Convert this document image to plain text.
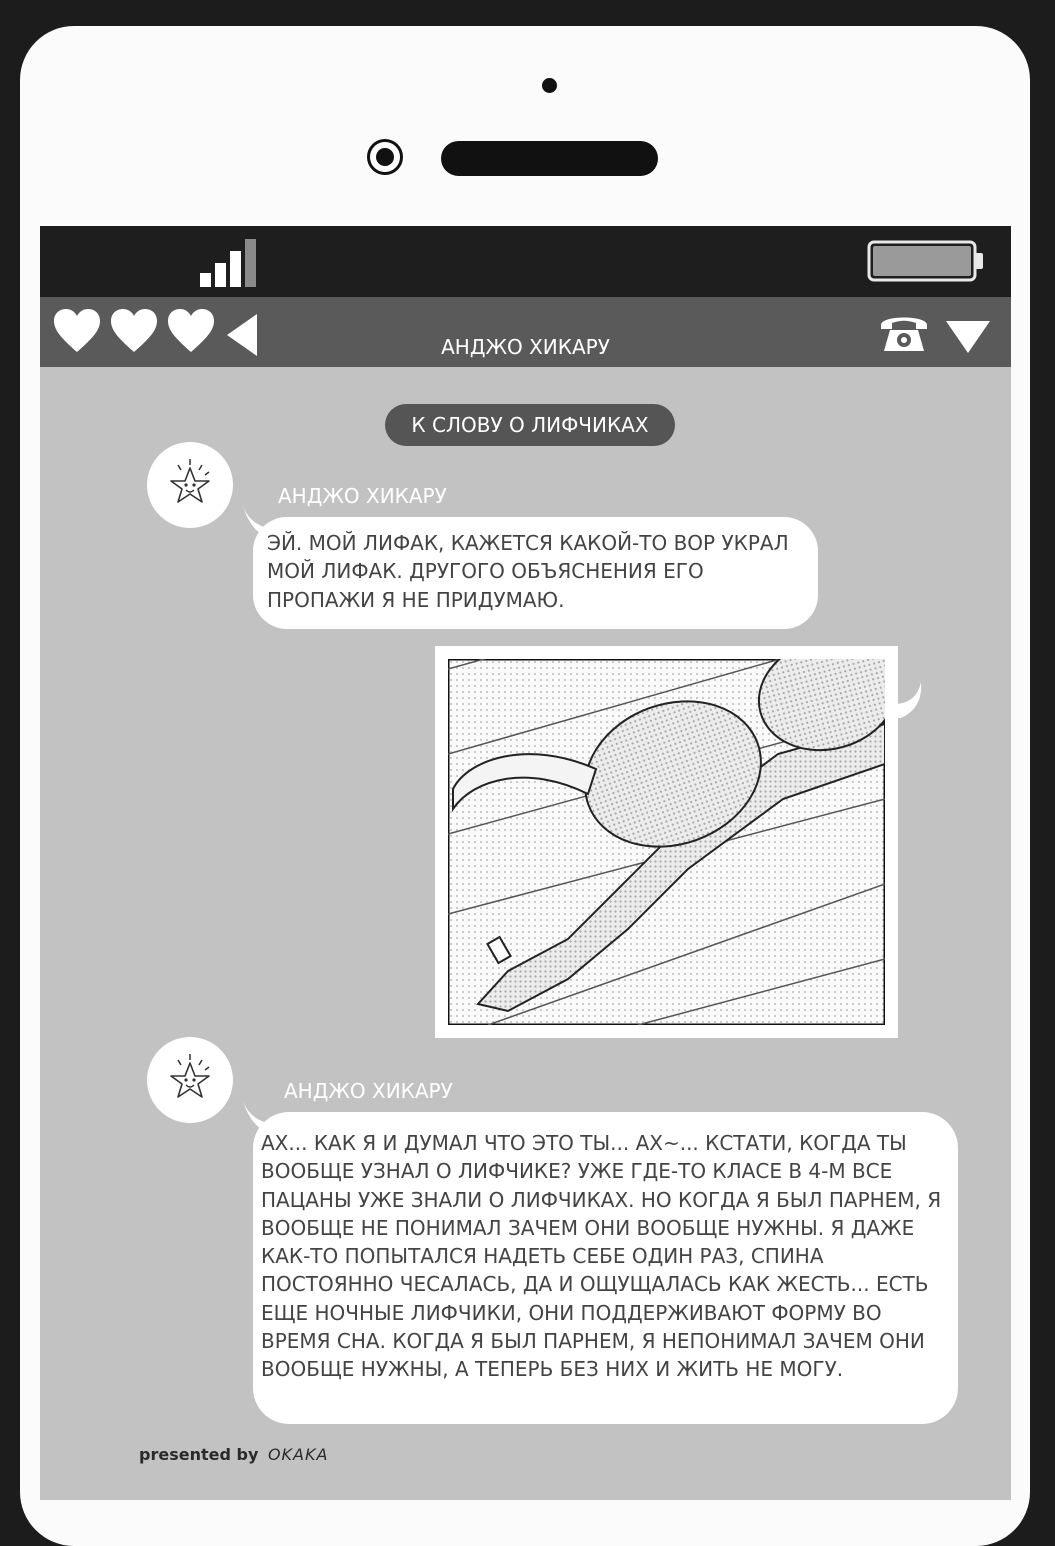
АНДЖО ХИКАРУ
К СЛОВУ О ЛИФЧИКАХ
АНДЖО ХИКАРУ
ЭЙ. МОЙ ЛИФАК, КАЖЕТСЯ КАКОЙ-ТО ВОР УКРАЛ МОЙ ЛИФАК. ДРУГОГО ОБЪЯСНЕНИЯ ЕГО ПРОПАЖИ Я НЕ ПРИДУМАЮ.
АНДЖО ХИКАРУ
АХ... КАК Я И ДУМАЛ ЧТО ЭТО ТЫ... АХ~... КСТАТИ, КОГДА ТЫ ВООБЩЕ УЗНАЛ О ЛИФЧИКЕ? УЖЕ ГДЕ-ТО КЛАСЕ В 4-М ВСЕ ПАЦАНЫ УЖЕ ЗНАЛИ О ЛИФЧИКАХ. НО КОГДА Я БЫЛ ПАРНЕМ, Я ВООБЩЕ НЕ ПОНИМАЛ ЗАЧЕМ ОНИ ВООБЩЕ НУЖНЫ. Я ДАЖЕ КАК-ТО ПОПЫТАЛСЯ НАДЕТЬ СЕБЕ ОДИН РАЗ, СПИНА ПОСТОЯННО ЧЕСАЛАСЬ, ДА И ОЩУЩАЛАСЬ КАК ЖЕСТЬ... ЕСТЬ ЕЩЕ НОЧНЫЕ ЛИФЧИКИ, ОНИ ПОДДЕРЖИВАЮТ ФОРМУ ВО ВРЕМЯ СНА. КОГДА Я БЫЛ ПАРНЕМ, Я НЕПОНИМАЛ ЗАЧЕМ ОНИ ВООБЩЕ НУЖНЫ, А ТЕПЕРЬ БЕЗ НИХ И ЖИТЬ НЕ МОГУ.
presented by OKAKA
